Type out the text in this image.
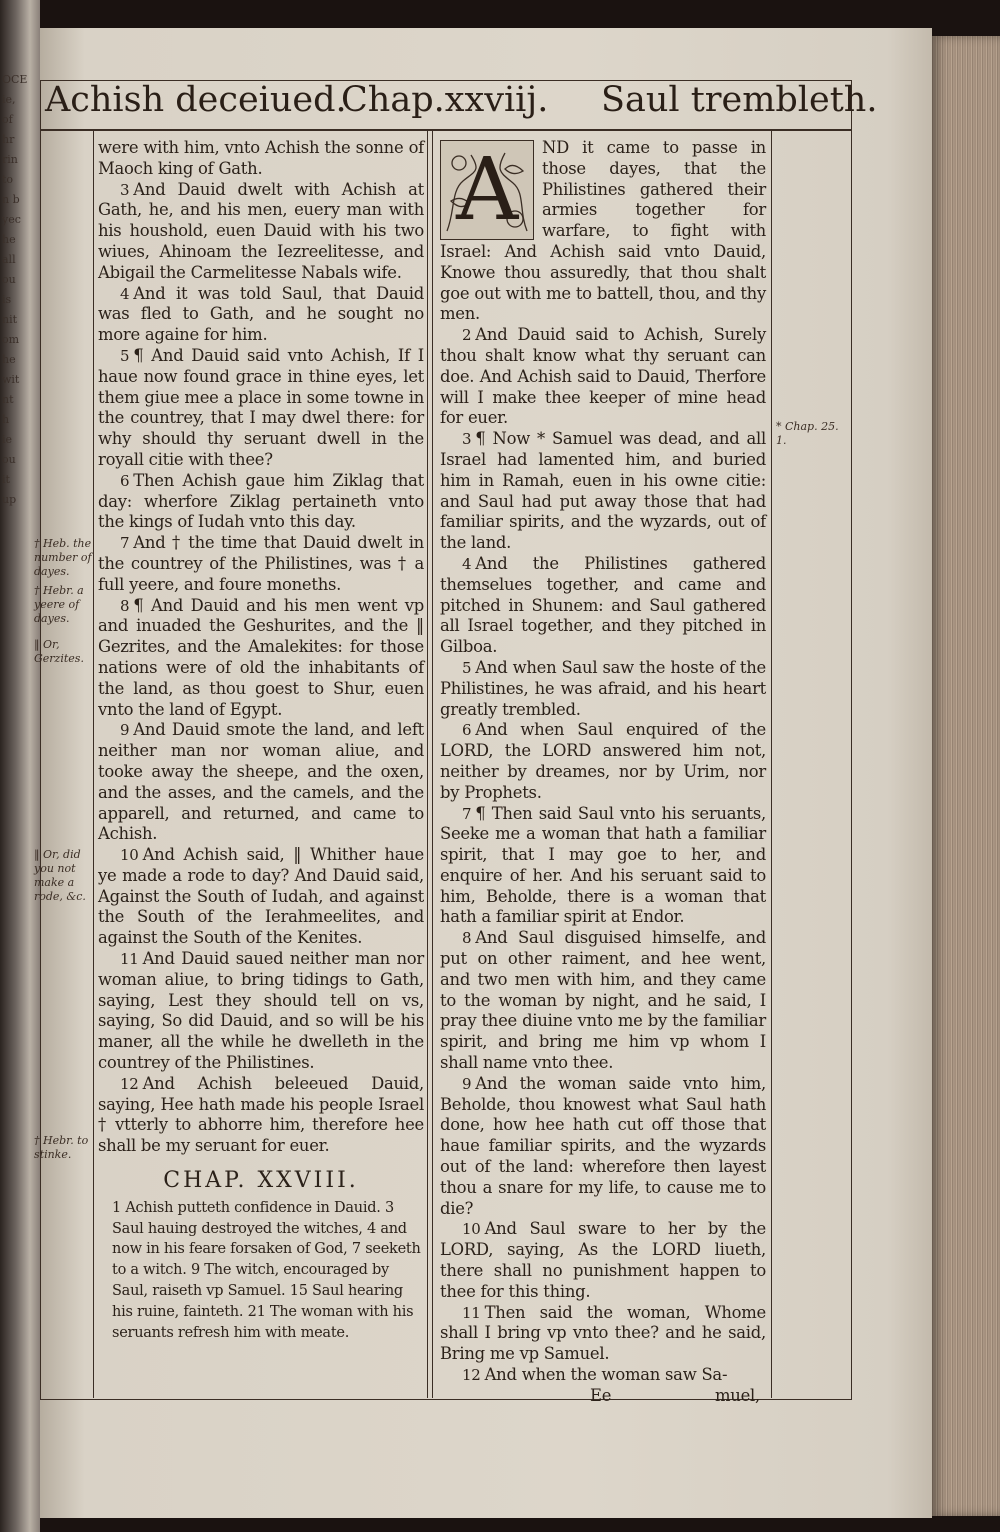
OCE
ie,
of
hr
rin
to
n b
yec
he
all
ou
is
nit
om
he
wit
nt
h
ie
ou
it
up
Achish deceiued.
Chap.xxviij. Saul trembleth.
† Heb. the number of dayes.
† Hebr. a yeere of dayes.
‖ Or, Gerzites.
‖ Or, did you not make a rode, &c.
† Hebr. to stinke.
* Chap. 25. 1.

were with him, vnto Achish the sonne of Maoch king of Gath.

3 And Dauid dwelt with Achish at Gath, he, and his men, euery man with his houshold, euen Dauid with his two wiues, Ahinoam the Iezreelitesse, and Abigail the Carmelitesse Nabals wife.

4 And it was told Saul, that Dauid was fled to Gath, and he sought no more againe for him.

5 ¶ And Dauid said vnto Achish, If I haue now found grace in thine eyes, let them giue mee a place in some towne in the countrey, that I may dwel there: for why should thy seruant dwell in the royall citie with thee?

6 Then Achish gaue him Ziklag that day: wherfore Ziklag pertaineth vnto the kings of Iudah vnto this day.

7 And † the time that Dauid dwelt in the countrey of the Philistines, was † a full yeere, and foure moneths.

8 ¶ And Dauid and his men went vp and inuaded the Geshurites, and the ‖ Gezrites, and the Amalekites: for those nations were of old the inhabitants of the land, as thou goest to Shur, euen vnto the land of Egypt.

9 And Dauid smote the land, and left neither man nor woman aliue, and tooke away the sheepe, and the oxen, and the asses, and the camels, and the apparell, and returned, and came to Achish.

10 And Achish said, ‖ Whither haue ye made a rode to day? And Dauid said, Against the South of Iudah, and against the South of the Ierahmeelites, and against the South of the Kenites.

11 And Dauid saued neither man nor woman aliue, to bring tidings to Gath, saying, Lest they should tell on vs, saying, So did Dauid, and so will be his maner, all the while he dwelleth in the countrey of the Philistines.

12 And Achish beleeued Dauid, saying, Hee hath made his people Israel † vtterly to abhorre him, therefore hee shall be my seruant for euer.

CHAP. XXVIII.

1 Achish putteth confidence in Dauid. 3 Saul hauing destroyed the witches, 4 and now in his feare forsaken of God, 7 seeketh to a witch. 9 The witch, encouraged by Saul, raiseth vp Samuel. 15 Saul hearing his ruine, fainteth. 21 The woman with his seruants refresh him with meate.

A	ND it came to passe in those dayes, that the Philistines gathered their armies together for warfare, to fight with Israel: And Achish said vnto Dauid, Knowe thou assuredly, that thou shalt goe out with me to battell, thou, and thy men.

2 And Dauid said to Achish, Surely thou shalt know what thy seruant can doe. And Achish said to Dauid, Therfore will I make thee keeper of mine head for euer.

3 ¶ Now * Samuel was dead, and all Israel had lamented him, and buried him in Ramah, euen in his owne citie: and Saul had put away those that had familiar spirits, and the wyzards, out of the land.

4 And the Philistines gathered themselues together, and came and pitched in Shunem: and Saul gathered all Israel together, and they pitched in Gilboa.

5 And when Saul saw the hoste of the Philistines, he was afraid, and his heart greatly trembled.

6 And when Saul enquired of the LORD, the LORD answered him not, neither by dreames, nor by Urim, nor by Prophets.

7 ¶ Then said Saul vnto his seruants, Seeke me a woman that hath a familiar spirit, that I may goe to her, and enquire of her. And his seruant said to him, Beholde, there is a woman that hath a familiar spirit at Endor.

8 And Saul disguised himselfe, and put on other raiment, and hee went, and two men with him, and they came to the woman by night, and he said, I pray thee diuine vnto me by the familiar spirit, and bring me him vp whom I shall name vnto thee.

9 And the woman saide vnto him, Beholde, thou knowest what Saul hath done, how hee hath cut off those that haue familiar spirits, and the wyzards out of the land: wherefore then layest thou a snare for my life, to cause me to die?

10 And Saul sware to her by the LORD, saying, As the LORD liueth, there shall no punishment happen to thee for this thing.

11 Then said the woman, Whome shall I bring vp vnto thee? and he said, Bring me vp Samuel.

12 And when the woman saw Sa-

Ee	muel,
